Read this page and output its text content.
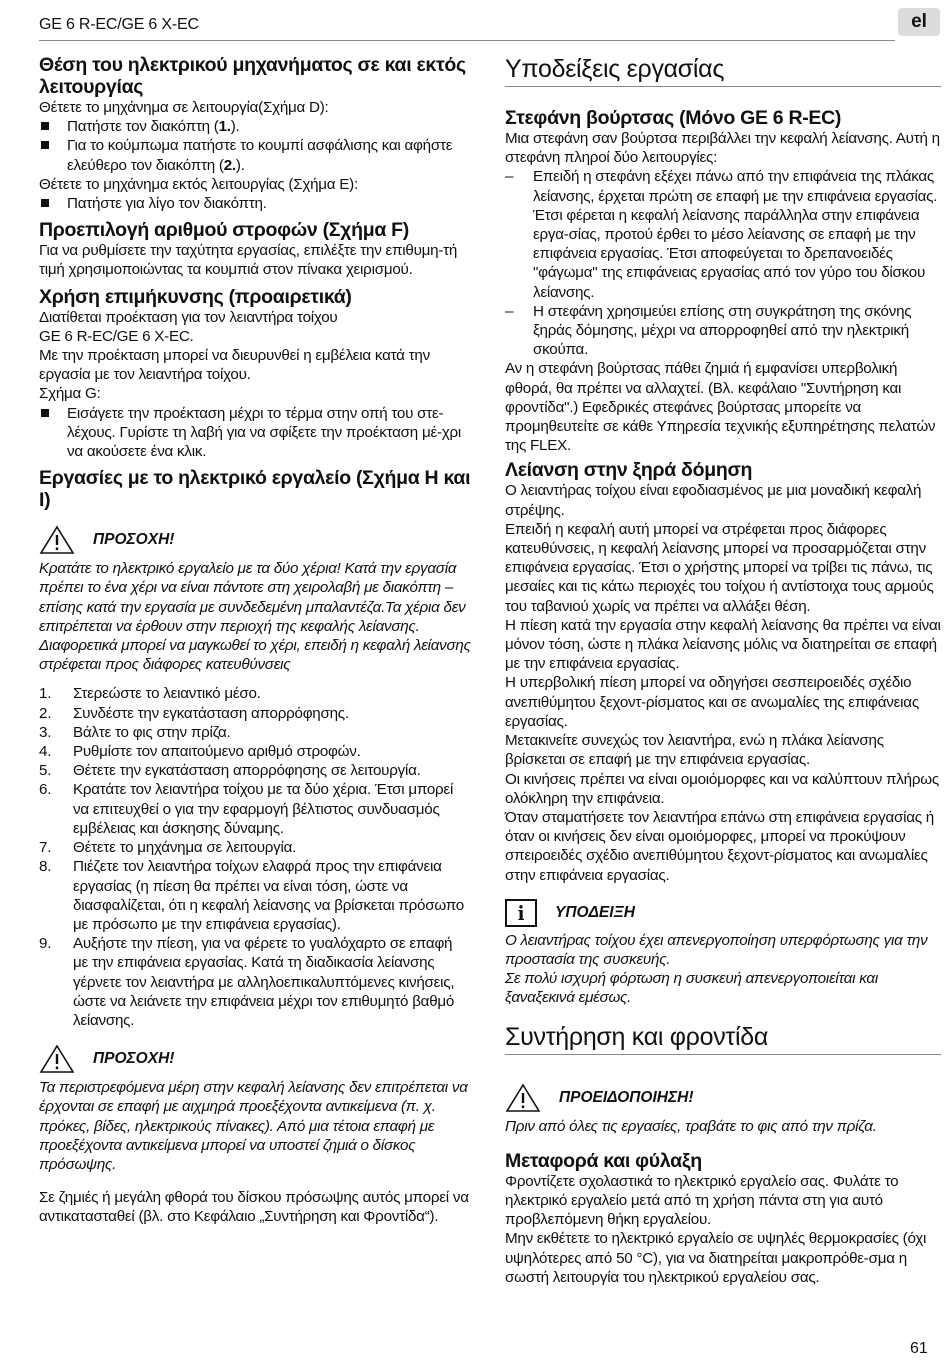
GE 6 R-EC/GE 6 X-EC	el
Θέση του ηλεκτρικού μηχανήματος σε και εκτός λειτουργίας
Θέτετε το μηχάνημα σε λειτουργία(Σχήμα D):
Πατήστε τον διακόπτη (1.).
Για το κούμπωμα πατήστε το κουμπί ασφάλισης και αφήστε ελεύθερο τον διακόπτη (2.).
Θέτετε το μηχάνημα εκτός λειτουργίας (Σχήμα E):
Πατήστε για λίγο τον διακόπτη.
Προεπιλογή αριθμού στροφών (Σχήμα F)
Για να ρυθμίσετε την ταχύτητα εργασίας, επιλέξτε την επιθυμη-τή τιμή χρησιμοποιώντας τα κουμπιά στον πίνακα χειρισμού.
Χρήση επιμήκυνσης (προαιρετικά)
Διατίθεται προέκταση για τον λειαντήρα τοίχου
GE 6 R-EC/GE 6 X-EC.
Με την προέκταση μπορεί να διευρυνθεί η εμβέλεια κατά την εργασία με τον λειαντήρα τοίχου.
Σχήμα G:
Εισάγετε την προέκταση μέχρι το τέρμα στην οπή του στε-λέχους. Γυρίστε τη λαβή για να σφίξετε την προέκταση μέ-χρι να ακούσετε ένα κλικ.
Εργασίες με το ηλεκτρικό εργαλείο (Σχήμα H και I)
ΠΡΟΣΟΧΗ!
Κρατάτε το ηλεκτρικό εργαλείο με τα δύο χέρια! Κατά την εργασία πρέπει το ένα χέρι να είναι πάντοτε στη χειρολαβή με διακόπτη – επίσης κατά την εργασία με συνδεδεμένη μπαλαντέζα.Τα χέρια δεν επιτρέπεται να έρθουν στην περιοχή της κεφαλής λείανσης. Διαφορετικά μπορεί να μαγκωθεί το χέρι, επειδή η κεφαλή λείανσης στρέφεται προς διάφορες κατευθύνσεις
1. Στερεώστε το λειαντικό μέσο.
2. Συνδέστε την εγκατάσταση απορρόφησης.
3. Βάλτε το φις στην πρίζα.
4. Ρυθμίστε τον απαιτούμενο αριθμό στροφών.
5. Θέτετε την εγκατάσταση απορρόφησης σε λειτουργία.
6. Κρατάτε τον λειαντήρα τοίχου με τα δύο χέρια. Έτσι μπορεί να επιτευχθεί ο για την εφαρμογή βέλτιστος συνδυασμός εμβέλειας και άσκησης δύναμης.
7. Θέτετε το μηχάνημα σε λειτουργία.
8. Πιέζετε τον λειαντήρα τοίχων ελαφρά προς την επιφάνεια εργασίας (η πίεση θα πρέπει να είναι τόση, ώστε να διασφαλίζεται, ότι η κεφαλή λείανσης να βρίσκεται πρόσωπο με πρόσωπο με την επιφάνεια εργασίας).
9. Αυξήστε την πίεση, για να φέρετε το γυαλόχαρτο σε επαφή με την επιφάνεια εργασίας. Κατά τη διαδικασία λείανσης γέρνετε τον λειαντήρα με αλληλοεπικαλυπτόμενες κινήσεις, ώστε να λειάνετε την επιφάνεια μέχρι τον επιθυμητό βαθμό λείανσης.
ΠΡΟΣΟΧΗ!
Τα περιστρεφόμενα μέρη στην κεφαλή λείανσης δεν επιτρέπεται να έρχονται σε επαφή με αιχμηρά προεξέχοντα αντικείμενα (π. χ. πρόκες, βίδες, ηλεκτρικούς πίνακες). Από μια τέτοια επαφή με προεξέχοντα αντικείμενα μπορεί να υποστεί ζημιά ο δίσκος πρόσωψης.
Σε ζημιές ή μεγάλη φθορά του δίσκου πρόσωψης αυτός μπορεί να αντικατασταθεί (βλ. στο Κεφάλαιο „Συντήρηση και Φροντίδα“).
Υποδείξεις εργασίας
Στεφάνη βούρτσας (Μόνο GE 6 R-EC)
Μια στεφάνη σαν βούρτσα περιβάλλει την κεφαλή λείανσης. Αυτή η στεφάνη πληροί δύο λειτουργίες:
– Επειδή η στεφάνη εξέχει πάνω από την επιφάνεια της πλάκας λείανσης, έρχεται πρώτη σε επαφή με την επιφάνεια εργασίας. Έτσι φέρεται η κεφαλή λείανσης παράλληλα στην επιφάνεια εργα-σίας, προτού έρθει το μέσο λείανσης σε επαφή με την επιφάνεια εργασίας. Έτσι αποφεύγεται το δρεπανοειδές "φάγωμα" της επιφάνειας εργασίας από τον γύρο του δίσκου λείανσης.
– Η στεφάνη χρησιμεύει επίσης στη συγκράτηση της σκόνης ξηράς δόμησης, μέχρι να απορροφηθεί από την ηλεκτρική σκούπα.
Αν η στεφάνη βούρτσας πάθει ζημιά ή εμφανίσει υπερβολική φθορά, θα πρέπει να αλλαχτεί. (Βλ. κεφάλαιο "Συντήρηση και φροντίδα".) Εφεδρικές στεφάνες βούρτσας μπορείτε να προμηθευτείτε σε κάθε Υπηρεσία τεχνικής εξυπηρέτησης πελατών της FLEX.
Λείανση στην ξηρά δόμηση
Ο λειαντήρας τοίχου είναι εφοδιασμένος με μια μοναδική κεφαλή στρέψης.
Επειδή η κεφαλή αυτή μπορεί να στρέφεται προς διάφορες κατευθύνσεις, η κεφαλή λείανσης μπορεί να προσαρμόζεται στην επιφάνεια εργασίας. Έτσι ο χρήστης μπορεί να τρίβει τις πάνω, τις μεσαίες και τις κάτω περιοχές του τοίχου ή αντίστοιχα τους αρμούς του ταβανιού χωρίς να πρέπει να αλλάξει θέση.
Η πίεση κατά την εργασία στην κεφαλή λείανσης θα πρέπει να είναι μόνον τόση, ώστε η πλάκα λείανσης μόλις να διατηρείται σε επαφή με την επιφάνεια εργασίας.
Η υπερβολική πίεση μπορεί να οδηγήσει σεσπειροειδές σχέδιο ανεπιθύμητου ξεχοντ-ρίσματος και σε ανωμαλίες της επιφάνειας εργασίας.
Μετακινείτε συνεχώς τον λειαντήρα, ενώ η πλάκα λείανσης βρίσκεται σε επαφή με την επιφάνεια εργασίας.
Οι κινήσεις πρέπει να είναι ομοιόμορφες και να καλύπτουν πλήρως ολόκληρη την επιφάνεια.
Όταν σταματήσετε τον λειαντήρα επάνω στη επιφάνεια εργασίας ή όταν οι κινήσεις δεν είναι ομοιόμορφες, μπορεί να προκύψουν σπειροειδές σχέδιο ανεπιθύμητου ξεχοντ-ρίσματος και ανωμαλίες στην επιφάνεια εργασίας.
i	ΥΠΟΔΕΙΞΗ
Ο λειαντήρας τοίχου έχει απενεργοποίηση υπερφόρτωσης για την προστασία της συσκευής.
Σε πολύ ισχυρή φόρτωση η συσκευή απενεργοποιείται και ξαναξεκινά εμέσως.
Συντήρηση και φροντίδα
ΠΡΟΕΙΔΟΠΟΙΗΣΗ!
Πριν από όλες τις εργασίες, τραβάτε το φις από την πρίζα.
Μεταφορά και φύλαξη
Φροντίζετε σχολαστικά το ηλεκτρικό εργαλείο σας. Φυλάτε το ηλεκτρικό εργαλείο μετά από τη χρήση πάντα στη για αυτό προβλεπόμενη θήκη εργαλείου.
Μην εκθέτετε το ηλεκτρικό εργαλείο σε υψηλές θερμοκρασίες (όχι υψηλότερες από 50 °C), για να διατηρείται μακροπρόθε-σμα η σωστή λειτουργία του ηλεκτρικού εργαλείου σας.
61
